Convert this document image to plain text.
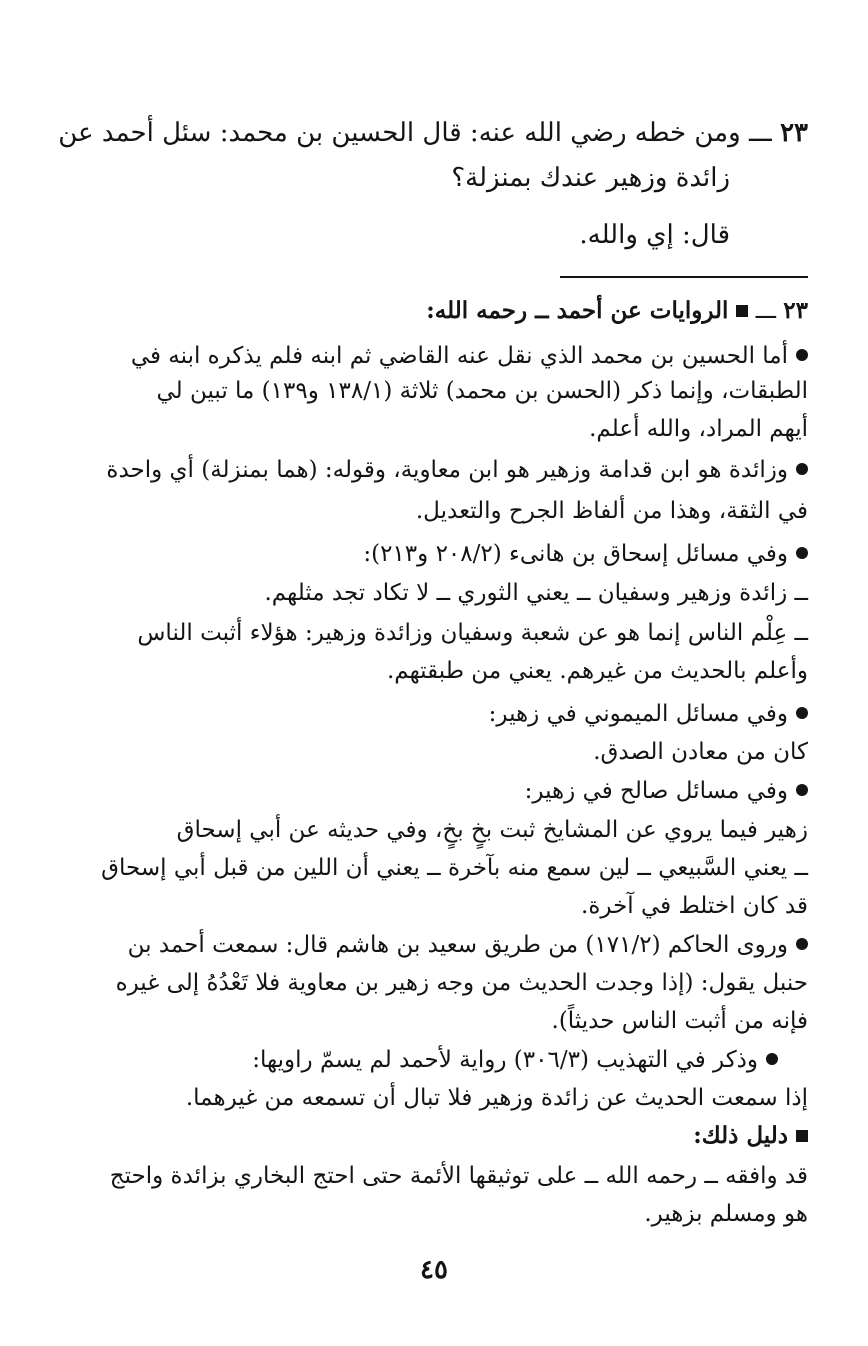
٢٣ ـــ ومن خطه رضي الله عنه: قال الحسين بن محمد: سئل أحمد عن
زائدة وزهير عندك بمنزلة؟
قال: إي والله.
٢٣ ـــ الروايات عن أحمد ــ رحمه الله:
أما الحسين بن محمد الذي نقل عنه القاضي ثم ابنه فلم يذكره ابنه في
الطبقات، وإنما ذكر (الحسن بن محمد) ثلاثة (١٣٨/١ و١٣٩) ما تبين لي
أيهم المراد، والله أعلم.
وزائدة هو ابن قدامة وزهير هو ابن معاوية، وقوله: (هما بمنزلة) أي واحدة
في الثقة، وهذا من ألفاظ الجرح والتعديل.
وفي مسائل إسحاق بن هانىء (٢٠٨/٢ و٢١٣):
ــ زائدة وزهير وسفيان ــ يعني الثوري ــ لا تكاد تجد مثلهم.
ــ عِلْم الناس إنما هو عن شعبة وسفيان وزائدة وزهير: هؤلاء أثبت الناس
وأعلم بالحديث من غيرهم. يعني من طبقتهم.
وفي مسائل الميموني في زهير:
كان من معادن الصدق.
وفي مسائل صالح في زهير:
زهير فيما يروي عن المشايخ ثبت بخٍ بخٍ، وفي حديثه عن أبي إسحاق
ــ يعني السَّبيعي ــ لين سمع منه بآخرة ــ يعني أن اللين من قبل أبي إسحاق
قد كان اختلط في آخرة.
وروى الحاكم (١٧١/٢) من طريق سعيد بن هاشم قال: سمعت أحمد بن
حنبل يقول: (إذا وجدت الحديث من وجه زهير بن معاوية فلا تَعْدُهُ إلى غيره
فإنه من أثبت الناس حديثاً).
وذكر في التهذيب (٣٠٦/٣) رواية لأحمد لم يسمّ راويها:
إذا سمعت الحديث عن زائدة وزهير فلا تبال أن تسمعه من غيرهما.
دليل ذلك:
قد وافقه ــ رحمه الله ــ على توثيقها الأئمة حتى احتج البخاري بزائدة واحتج
هو ومسلم بزهير.
٤٥
